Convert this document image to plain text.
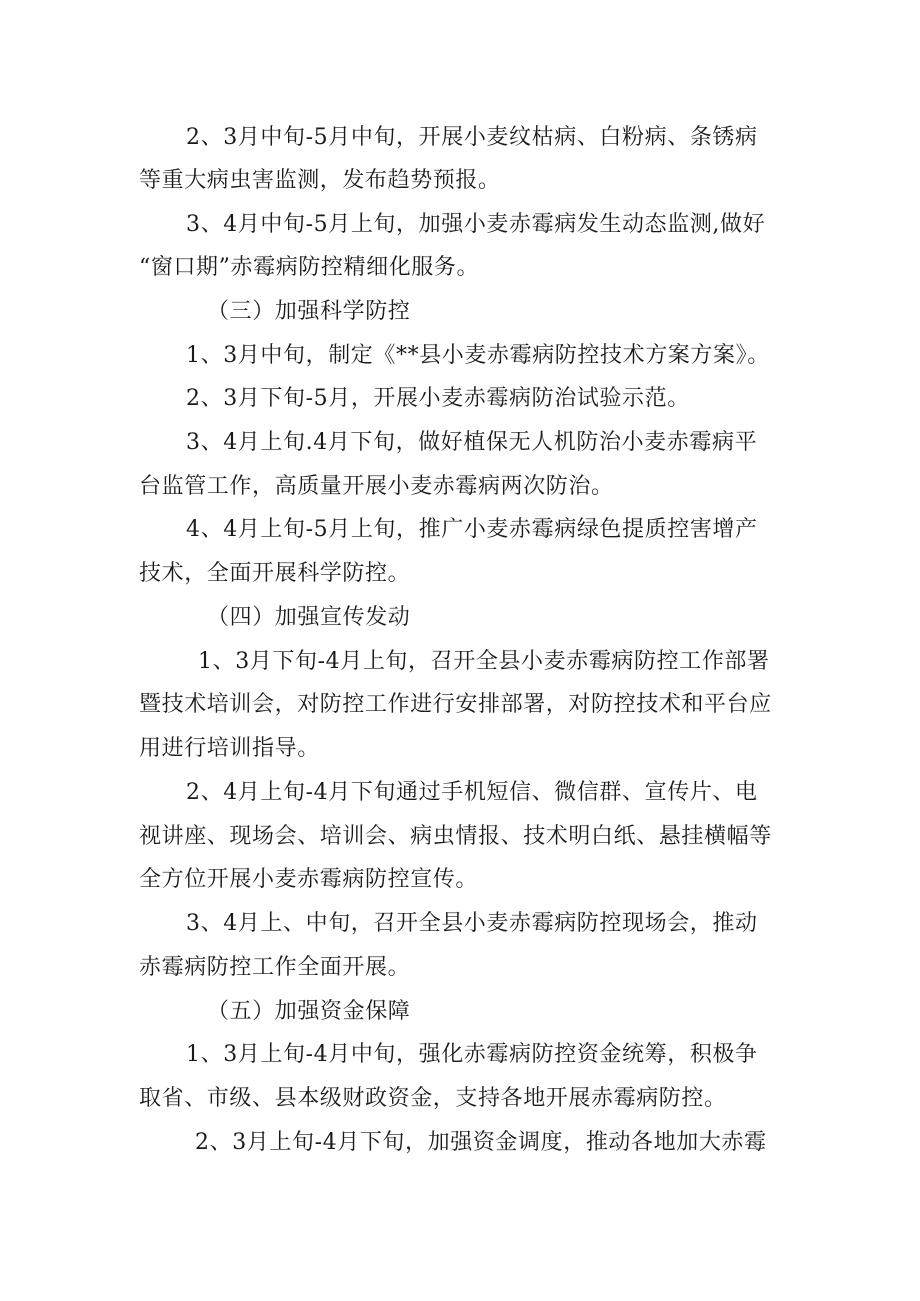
2、3月中旬-5月中旬，开展小麦纹枯病、白粉病、条锈病
等重大病虫害监测，发布趋势预报。
3、4月中旬-5月上旬，加强小麦赤霉病发生动态监测,做好
“窗口期”赤霉病防控精细化服务。
（三）加强科学防控
1、3月中旬，制定《**县小麦赤霉病防控技术方案方案》。
2、3月下旬-5月，开展小麦赤霉病防治试验示范。
3、4月上旬.4月下旬，做好植保无人机防治小麦赤霉病平
台监管工作，高质量开展小麦赤霉病两次防治。
4、4月上旬-5月上旬，推广小麦赤霉病绿色提质控害增产
技术，全面开展科学防控。
（四）加强宣传发动
1、3月下旬-4月上旬，召开全县小麦赤霉病防控工作部署
暨技术培训会，对防控工作进行安排部署，对防控技术和平台应
用进行培训指导。
2、4月上旬-4月下旬通过手机短信、微信群、宣传片、电
视讲座、现场会、培训会、病虫情报、技术明白纸、悬挂横幅等
全方位开展小麦赤霉病防控宣传。
3、4月上、中旬，召开全县小麦赤霉病防控现场会，推动
赤霉病防控工作全面开展。
（五）加强资金保障
1、3月上旬-4月中旬，强化赤霉病防控资金统筹，积极争
取省、市级、县本级财政资金，支持各地开展赤霉病防控。
2、3月上旬-4月下旬，加强资金调度，推动各地加大赤霉
